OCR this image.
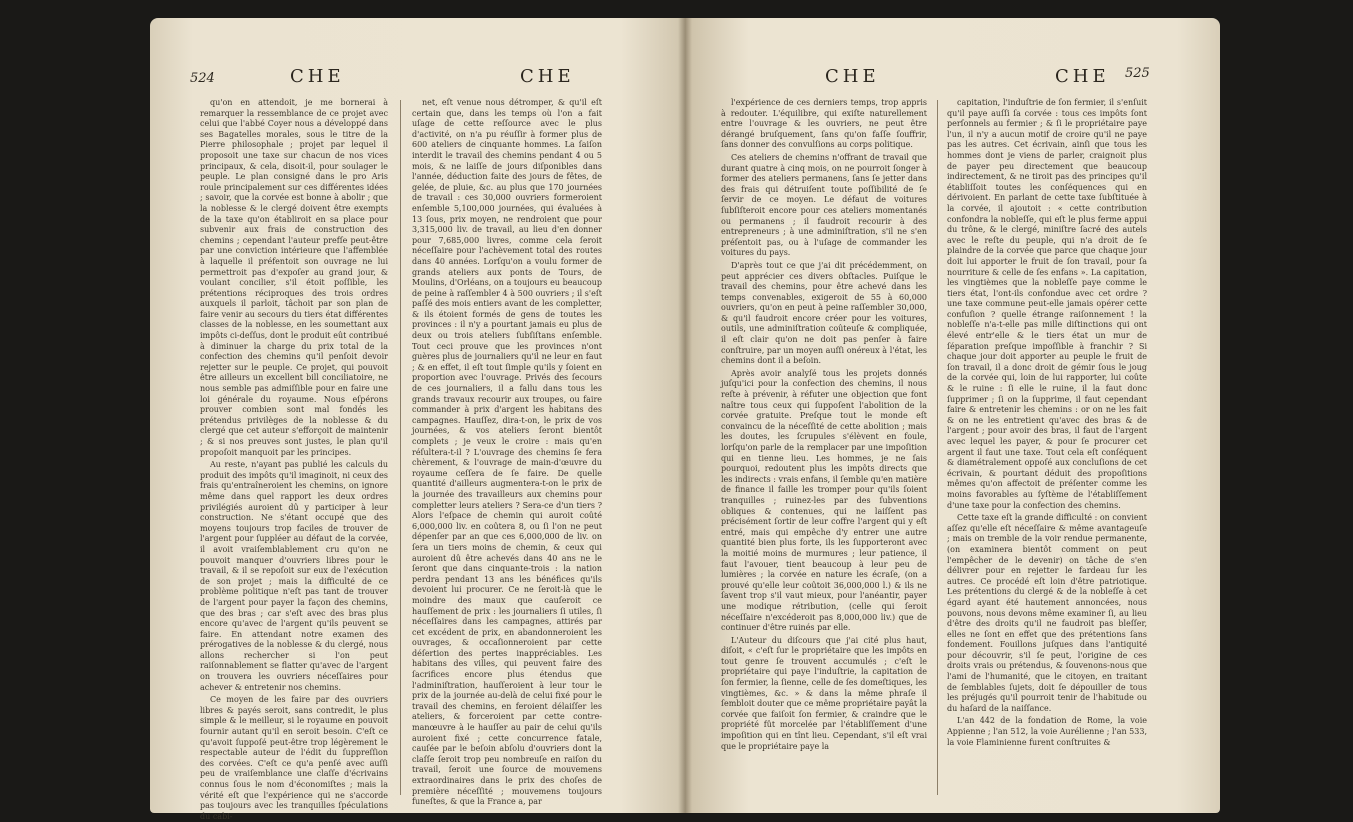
524	CHE	CHE

qu'on en attendoit, je me bornerai à remarquer la ressemblance de ce projet avec celui que l'abbé Coyer nous a développé dans ses Bagatelles morales, sous le titre de la Pierre philosophale ; projet par lequel il proposoit une taxe sur chacun de nos vices principaux, & cela, disoit-il, pour soulager le peuple. Le plan consigné dans le pro Aris roule principalement sur ces différentes idées ; savoir, que la corvée est bonne à abolir ; que la noblesse & le clergé doivent être exempts de la taxe qu'on établiroit en sa place pour subvenir aux frais de construction des chemins ; cependant l'auteur prefſe peut-être par une conviction intérieure que l'affemblée à laquelle il préfentoit son ouvrage ne lui permettroit pas d'expoſer au grand jour, & voulant concilier, s'il étoit poſſible, les prétentions réciproques des trois ordres auxquels il parloit, tâchoit par son plan de faire venir au secours du tiers état différentes classes de la noblesse, en les soumettant aux impôts ci-deſſus, dont le produit eût contribué à diminuer la charge du prix total de la confection des chemins qu'il penſoit devoir rejetter sur le peuple. Ce projet, qui pouvoit être ailleurs un excellent bill conciliatoire, ne nous semble pas admiſſible pour en faire une loi générale du royaume. Nous eſpérons prouver combien sont mal fondés les prétendus privilèges de la noblesse & du clergé que cet auteur s'efforçoit de maintenir ; & si nos preuves sont justes, le plan qu'il propoſoit manquoit par les principes.

Au reste, n'ayant pas publié les calculs du produit des impôts qu'il imaginoit, ni ceux des frais qu'entraîneroient les chemins, on ignore même dans quel rapport les deux ordres privilégiés auroient dû y participer à leur construction. Ne s'étant occupé que des moyens toujours trop faciles de trouver de l'argent pour ſuppléer au défaut de la corvée, il avoit vraiſemblablement cru qu'on ne pouvoit manquer d'ouvriers libres pour le travail, & il se repoſoit sur eux de l'exécution de son projet ; mais la difficulté de ce problème politique n'eſt pas tant de trouver de l'argent pour payer la façon des chemins, que des bras ; car s'eſt avec des bras plus encore qu'avec de l'argent qu'ils peuvent se faire. En attendant notre examen des prérogatives de la noblesse & du clergé, nous allons rechercher si l'on peut raiſonnablement se flatter qu'avec de l'argent on trouvera les ouvriers néceſſaires pour achever & entretenir nos chemins.

Ce moyen de les faire par des ouvriers libres & payés seroit, sans contredit, le plus simple & le meilleur, si le royaume en pouvoit fournir autant qu'il en seroit besoin. C'eſt ce qu'avoit ſuppoſé peut-être trop légèrement le respectable auteur de l'édit du ſuppreſſion des corvées. C'eſt ce qu'a penſé avec auſſi peu de vraiſemblance une claſſe d'écrivains connus ſous le nom d'économiſtes ; mais la vérité eſt que l'expérience qui ne s'accorde pas toujours avec les tranquilles ſpéculations du cabi-

net, eſt venue nous détromper, & qu'il eſt certain que, dans les temps où l'on a fait uſage de cette reſſource avec le plus d'activité, on n'a pu réuſſir à former plus de 600 ateliers de cinquante hommes. La ſaiſon interdit le travail des chemins pendant 4 ou 5 mois, & ne laiſſe de jours diſponibles dans l'année, déduction faite des jours de fêtes, de gelée, de pluie, &c. au plus que 170 journées de travail : ces 30,000 ouvriers formeroient enſemble 5,100,000 journées, qui évaluées à 13 ſous, prix moyen, ne rendroient que pour 3,315,000 liv. de travail, au lieu d'en donner pour 7,685,000 livres, comme cela ſeroit néceſſaire pour l'achèvement total des routes dans 40 années. Lorſqu'on a voulu former de grands ateliers aux ponts de Tours, de Moulins, d'Orléans, on a toujours eu beaucoup de peine à raſſembler 4 à 500 ouvriers ; il s'eſt paſſé des mois entiers avant de les completter, & ils étoient formés de gens de toutes les provinces : il n'y a pourtant jamais eu plus de deux ou trois ateliers ſubſiſtans enſemble. Tout ceci prouve que les provinces n'ont guères plus de journaliers qu'il ne leur en faut ; & en effet, il eſt tout ſimple qu'ils y ſoient en proportion avec l'ouvrage. Privés des ſecours de ces journaliers, il a fallu dans tous les grands travaux recourir aux troupes, ou faire commander à prix d'argent les habitans des campagnes. Hauſſez, dira-t-on, le prix de vos journées, & vos ateliers ſeront bientôt complets ; je veux le croire : mais qu'en réſultera-t-il ? L'ouvrage des chemins ſe fera chèrement, & l'ouvrage de main-d'œuvre du royaume ceſſera de ſe faire. De quelle quantité d'ailleurs augmentera-t-on le prix de la journée des travailleurs aux chemins pour completter leurs ateliers ? Sera-ce d'un tiers ? Alors l'eſpace de chemin qui auroit coûté 6,000,000 liv. en coûtera 8, ou ſi l'on ne peut dépenſer par an que ces 6,000,000 de liv. on ſera un tiers moins de chemin, & ceux qui auroient dû être achevés dans 40 ans ne le ſeront que dans cinquante-trois : la nation perdra pendant 13 ans les bénéfices qu'ils devoient lui procurer. Ce ne ſeroit-là que le moindre des maux que cauſeroit ce hauſſement de prix : les journaliers ſi utiles, ſi néceſſaires dans les campagnes, attirés par cet excédent de prix, en abandonneroient les ouvrages, & occaſionneroient par cette déſertion des pertes inappréciables. Les habitans des villes, qui peuvent faire des ſacrifices encore plus étendus que l'adminiſtration, hauſſeroient à leur tour le prix de la journée au-delà de celui fixé pour le travail des chemins, en feroient délaiſſer les ateliers, & forceroient par cette contre-manœuvre à le hauſſer au pair de celui qu'ils auroient fixé ; cette concurrence fatale, cauſée par le beſoin abſolu d'ouvriers dont la claſſe ſeroit trop peu nombreuſe en raiſon du travail, ſeroit une ſource de mouvemens extraordinaires dans le prix des choſes de première néceſſité ; mouvemens toujours funeſtes, & que la France a, par

CHE	CHE 525

l'expérience de ces derniers temps, trop appris à redouter. L'équilibre, qui exiſte naturellement entre l'ouvrage & les ouvriers, ne peut être dérangé bruſquement, ſans qu'on faſſe ſouffrir, ſans donner des convulſions au corps politique.

Ces ateliers de chemins n'offrant de travail que durant quatre à cinq mois, on ne pourroit ſonger à former des ateliers permanens, ſans ſe jetter dans des frais qui détruiſent toute poſſibilité de ſe ſervir de ce moyen. Le défaut de voitures ſubſiſteroit encore pour ces ateliers momentanés ou permanens ; il faudroit recourir à des entrepreneurs ; à une adminiſtration, s'il ne s'en préſentoit pas, ou à l'uſage de commander les voitures du pays.

D'après tout ce que j'ai dit précédemment, on peut apprécier ces divers obſtacles. Puiſque le travail des chemins, pour être achevé dans les temps convenables, exigeroit de 55 à 60,000 ouvriers, qu'on en peut à peine raſſembler 30,000, & qu'il faudroit encore créer pour les voitures, outils, une adminiſtration coûteuſe & compliquée, il eſt clair qu'on ne doit pas penſer à faire conſtruire, par un moyen auſſi onéreux à l'état, les chemins dont il a beſoin.

Après avoir analyſé tous les projets donnés juſqu'ici pour la confection des chemins, il nous reſte à prévenir, à réfuter une objection que font naître tous ceux qui ſuppoſent l'abolition de la corvée gratuite. Preſque tout le monde eſt convaincu de la néceſſité de cette abolition ; mais les doutes, les ſcrupules s'élèvent en foule, lorſqu'on parle de la remplacer par une impoſition qui en tienne lieu. Les hommes, je ne ſais pourquoi, redoutent plus les impôts directs que les indirects : vrais enfans, il ſemble qu'en matière de finance il faille les tromper pour qu'ils ſoient tranquilles ; ruinez-les par des ſubventions obliques & contenues, qui ne laiſſent pas précisément ſortir de leur coffre l'argent qui y eſt entré, mais qui empêche d'y entrer une autre quantité bien plus forte, ils les ſupporteront avec la moitié moins de murmures ; leur patience, il faut l'avouer, tient beaucoup à leur peu de lumières ; la corvée en nature les écraſe, (on a prouvé qu'elle leur coûtoit 36,000,000 l.) & ils ne ſavent trop s'il vaut mieux, pour l'anéantir, payer une modique rétribution, (celle qui ſeroit néceſſaire n'excéderoit pas 8,000,000 liv.) que de continuer d'être ruinés par elle.

L'Auteur du diſcours que j'ai cité plus haut, diſoit, « c'eſt ſur le propriétaire que les impôts en tout genre ſe trouvent accumulés ; c'eſt le propriétaire qui paye l'induſtrie, la capitation de ſon fermier, la ſienne, celle de ſes domeſtiques, les vingtièmes, &c. » & dans la même phraſe il ſembloit douter que ce même propriétaire payât la corvée que faiſoit ſon fermier, & craindre que le propriété fût morcelée par l'établiſſement d'une impoſition qui en tînt lieu. Cependant, s'il eſt vrai que le propriétaire paye la

capitation, l'induſtrie de ſon fermier, il s'enſuit qu'il paye auſſi ſa corvée : tous ces impôts ſont perſonnels au fermier ; & ſi le propriétaire paye l'un, il n'y a aucun motif de croire qu'il ne paye pas les autres. Cet écrivain, ainſi que tous les hommes dont je viens de parler, craignoit plus de payer peu directement que beaucoup indirectement, & ne tiroit pas des principes qu'il établiſſoit toutes les conſéquences qui en dérivoient. En parlant de cette taxe ſubſtituée à la corvée, il ajoutoit : « cette contribution confondra la nobleſſe, qui eſt le plus ferme appui du trône, & le clergé, miniſtre ſacré des autels avec le reſte du peuple, qui n'a droit de ſe plaindre de la corvée que parce que chaque jour doit lui apporter le fruit de ſon travail, pour ſa nourriture & celle de ſes enfans ». La capitation, les vingtièmes que la nobleſſe paye comme le tiers état, l'ont-ils confondue avec cet ordre ? une taxe commune peut-elle jamais opérer cette confuſion ? quelle étrange raiſonnement ! la nobleſſe n'a-t-elle pas mille diſtinctions qui ont élevé entr'elle & le tiers état un mur de ſéparation preſque impoſſible à franchir ? Si chaque jour doit apporter au peuple le fruit de ſon travail, il a donc droit de gémir ſous le joug de la corvée qui, loin de lui rapporter, lui coûte & le ruine : ſi elle le ruine, il la faut donc ſupprimer ; ſi on la ſupprime, il faut cependant faire & entretenir les chemins : or on ne les fait & on ne les entretient qu'avec des bras & de l'argent ; pour avoir des bras, il faut de l'argent avec lequel les payer, & pour ſe procurer cet argent il faut une taxe. Tout cela eſt conſéquent & diamétralement oppoſé aux concluſions de cet écrivain, & pourtant déduit des propoſitions mêmes qu'on affectoit de préſenter comme les moins favorables au ſyſtème de l'établiſſement d'une taxe pour la confection des chemins.

Cette taxe eſt la grande difficulté : on convient aſſez qu'elle eſt néceſſaire & même avantageuſe ; mais on tremble de la voir rendue permanente, (on examinera bientôt comment on peut l'empêcher de le devenir) on tâche de s'en délivrer pour en rejetter le fardeau ſur les autres. Ce procédé eſt loin d'être patriotique. Les prétentions du clergé & de la nobleſſe à cet égard ayant été hautement annoncées, nous pouvons, nous devons même examiner ſi, au lieu d'être des droits qu'il ne faudroit pas bleſſer, elles ne ſont en effet que des prétentions ſans fondement. Fouillons juſques dans l'antiquité pour découvrir, s'il ſe peut, l'origine de ces droits vrais ou prétendus, & ſouvenons-nous que l'ami de l'humanité, que le citoyen, en traitant de ſemblables ſujets, doit ſe dépouiller de tous les préjugés qu'il pourroit tenir de l'habitude ou du haſard de la naiſſance.

L'an 442 de la fondation de Rome, la voie Appienne ; l'an 512, la voie Aurélienne ; l'an 533, la voie Flaminienne furent conſtruites &
